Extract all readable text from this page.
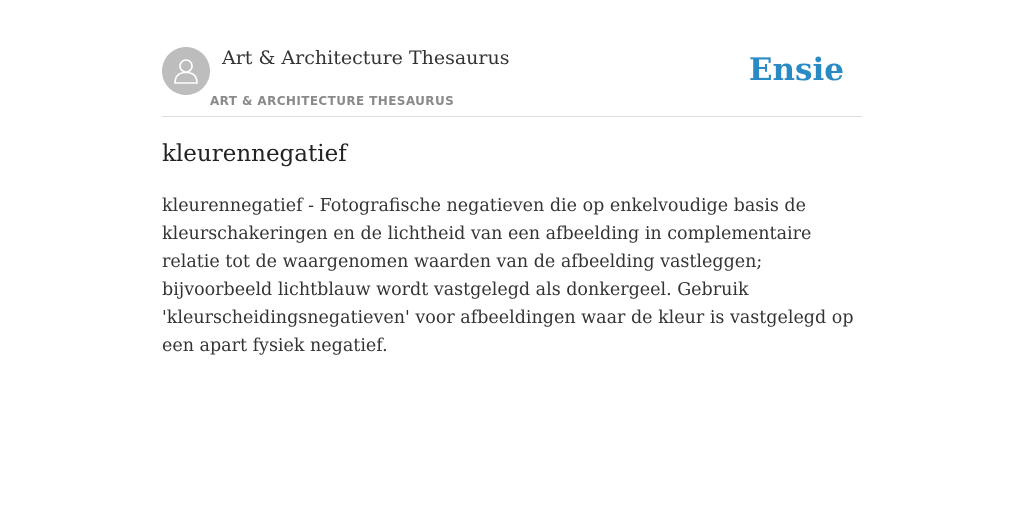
Art & Architecture Thesaurus
ART & ARCHITECTURE THESAURUS
Ensie
kleurennegatief

kleurennegatief - Fotografische negatieven die op enkelvoudige basis de kleurschakeringen en de lichtheid van een afbeelding in complementaire relatie tot de waargenomen waarden van de afbeelding vastleggen; bijvoorbeeld lichtblauw wordt vastgelegd als donkergeel. Gebruik 'kleurscheidingsnegatieven' voor afbeeldingen waar de kleur is vastgelegd op een apart fysiek negatief.
